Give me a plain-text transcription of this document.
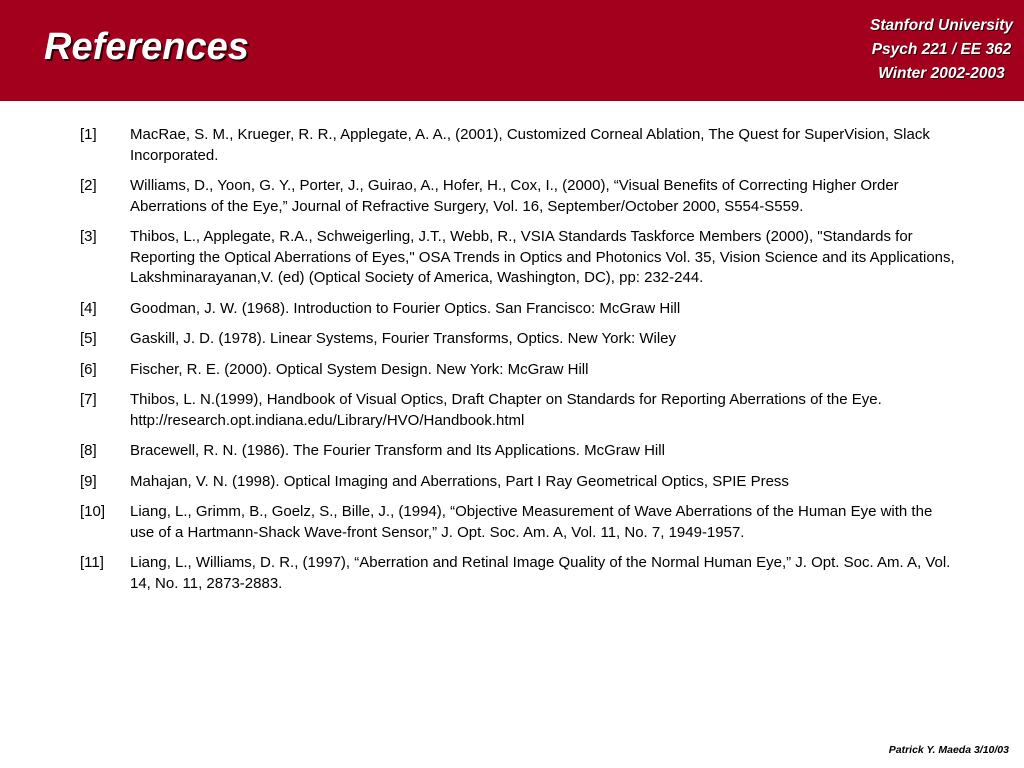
References
Stanford University
Psych 221 / EE 362
Winter 2002-2003
[1]	MacRae, S. M., Krueger, R. R., Applegate, A. A., (2001), Customized Corneal Ablation, The Quest for SuperVision, Slack Incorporated.
[2]	Williams, D., Yoon, G. Y., Porter, J., Guirao, A., Hofer, H., Cox, I., (2000), “Visual Benefits of Correcting Higher Order Aberrations of the Eye,” Journal of Refractive Surgery, Vol. 16, September/October 2000, S554-S559.
[3]	Thibos, L., Applegate, R.A., Schweigerling, J.T., Webb, R., VSIA Standards Taskforce Members (2000), "Standards for Reporting the Optical Aberrations of Eyes," OSA Trends in Optics and Photonics Vol. 35, Vision Science and its Applications, Lakshminarayanan,V. (ed) (Optical Society of America, Washington, DC), pp: 232-244.
[4]	Goodman, J. W. (1968). Introduction to Fourier Optics. San Francisco: McGraw Hill
[5]	Gaskill, J. D. (1978). Linear Systems, Fourier Transforms, Optics. New York: Wiley
[6]	Fischer, R. E. (2000). Optical System Design. New York: McGraw Hill
[7]	Thibos, L. N.(1999), Handbook of Visual Optics, Draft Chapter on Standards for Reporting Aberrations of the Eye. http://research.opt.indiana.edu/Library/HVO/Handbook.html
[8]	Bracewell, R. N. (1986). The Fourier Transform and Its Applications. McGraw Hill
[9]	Mahajan, V. N. (1998). Optical Imaging and Aberrations, Part I Ray Geometrical Optics, SPIE Press
[10]	Liang, L., Grimm, B., Goelz, S., Bille, J., (1994), “Objective Measurement of Wave Aberrations of the Human Eye with the use of a Hartmann-Shack Wave-front Sensor,” J. Opt. Soc. Am. A, Vol. 11, No. 7, 1949-1957.
[11]	Liang, L., Williams, D. R., (1997), “Aberration and Retinal Image Quality of the Normal Human Eye,” J. Opt. Soc. Am. A, Vol. 14, No. 11, 2873-2883.
Patrick Y. Maeda 3/10/03
